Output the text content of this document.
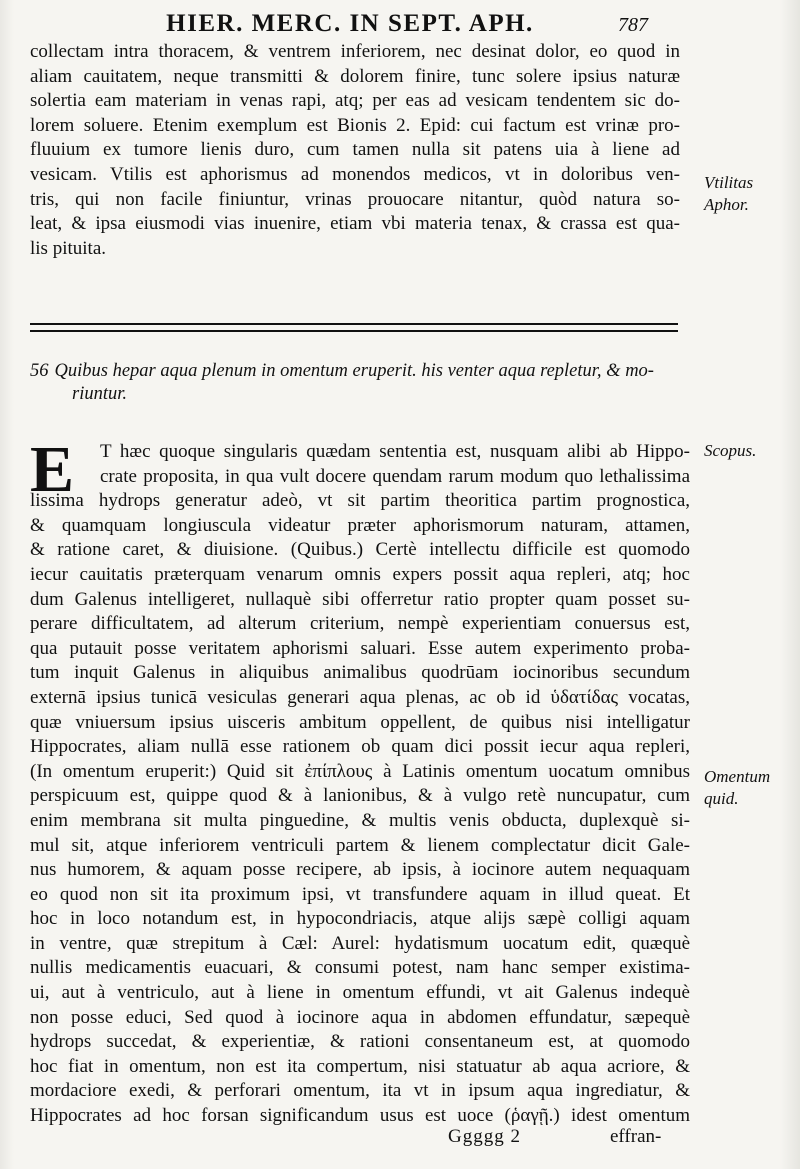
HIER. MERC. IN SEPT. APH.	787
collectam intra thoracem, & ventrem inferiorem, nec desinat dolor, eo quod in
aliam cauitatem, neque transmitti & dolorem finire, tunc solere ipsius naturæ
solertia eam materiam in venas rapi, atq; per eas ad vesicam tendentem sic do-
lorem soluere. Etenim exemplum est Bionis 2. Epid: cui factum est vrinæ pro-
fluuium ex tumore lienis duro, cum tamen nulla sit patens uia à liene ad
vesicam. Vtilis est aphorismus ad monendos medicos, vt in doloribus ven-
tris, qui non facile finiuntur, vrinas prouocare nitantur, quòd natura so-
leat, & ipsa eiusmodi vias inuenire, etiam vbi materia tenax, & crassa est qua-
lis pituita.
Vtilitas
Aphor.
56 Quibus hepar aqua plenum in omentum eruperit. his venter aqua repletur, & mo-
riuntur.
E	T hæc quoque singularis quædam sententia est, nusquam alibi ab Hippo-
crate proposita, in qua vult docere quendam rarum modum quo lethalissima
lissima hydrops generatur adeò, vt sit partim theoritica partim prognostica,
& quamquam longiuscula videatur præter aphorismorum naturam, attamen,
& ratione caret, & diuisione. (Quibus.) Certè intellectu difficile est quomodo
iecur cauitatis præterquam venarum omnis expers possit aqua repleri, atq; hoc
dum Galenus intelligeret, nullaquè sibi offerretur ratio propter quam posset su-
perare difficultatem, ad alterum criterium, nempè experientiam conuersus est,
qua putauit posse veritatem aphorismi saluari. Esse autem experimento proba-
tum inquit Galenus in aliquibus animalibus quodrūam iocinoribus secundum
externā ipsius tunicā vesiculas generari aqua plenas, ac ob id ὑδατίδας vocatas,
quæ vniuersum ipsius uisceris ambitum oppellent, de quibus nisi intelligatur
Hippocrates, aliam nullā esse rationem ob quam dici possit iecur aqua repleri,
(In omentum eruperit:) Quid sit ἐπίπλους à Latinis omentum uocatum omnibus
perspicuum est, quippe quod & à lanionibus, & à vulgo retè nuncupatur, cum
enim membrana sit multa pinguedine, & multis venis obducta, duplexquè si-
mul sit, atque inferiorem ventriculi partem & lienem complectatur dicit Gale-
nus humorem, & aquam posse recipere, ab ipsis, à iocinore autem nequaquam
eo quod non sit ita proximum ipsi, vt transfundere aquam in illud queat. Et
hoc in loco notandum est, in hypocondriacis, atque alijs sæpè colligi aquam
in ventre, quæ strepitum à Cæl: Aurel: hydatismum uocatum edit, quæquè
nullis medicamentis euacuari, & consumi potest, nam hanc semper existima-
ui, aut à ventriculo, aut à liene in omentum effundi, vt ait Galenus indequè
non posse educi, Sed quod à iocinore aqua in abdomen effundatur, sæpequè
hydrops succedat, & experientiæ, & rationi consentaneum est, at quomodo
hoc fiat in omentum, non est ita compertum, nisi statuatur ab aqua acriore, &
mordaciore exedi, & perforari omentum, ita vt in ipsum aqua ingrediatur, &
Hippocrates ad hoc forsan significandum usus est uoce (ῥαγῇ.) idest omentum
Scopus.
Omentum
quid.
Ggggg 2	effran-
